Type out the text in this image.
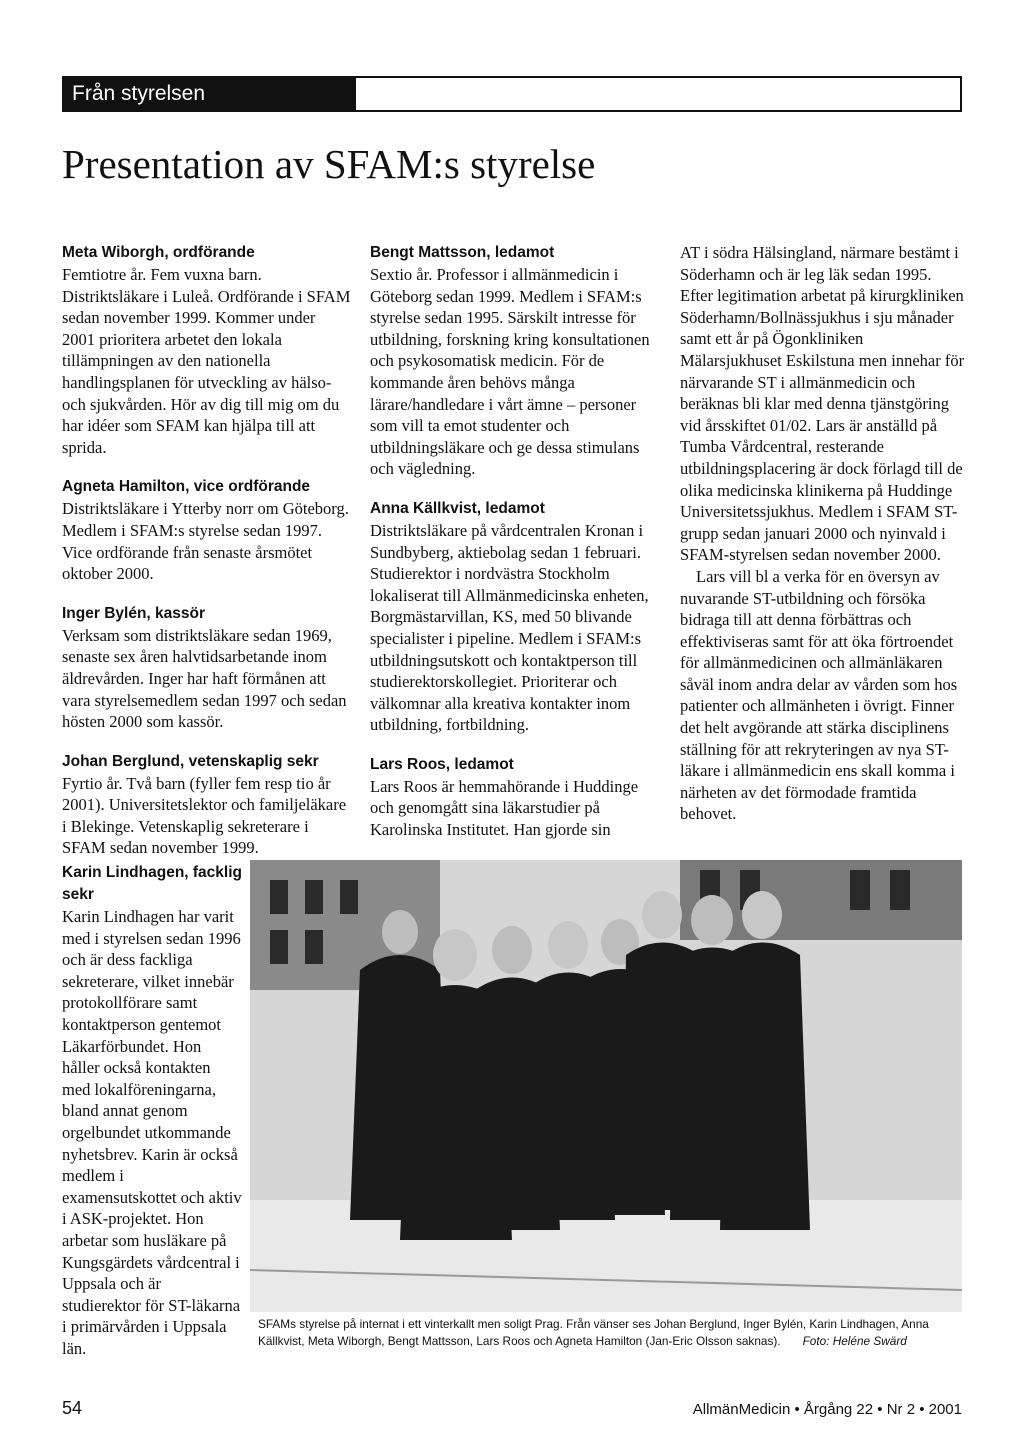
Från styrelsen
Presentation av SFAM:s styrelse
Meta Wiborgh, ordförande

Femtiotre år. Fem vuxna barn. Distriktsläkare i Luleå. Ordförande i SFAM sedan november 1999. Kommer under 2001 prioritera arbetet den lokala tillämpningen av den nationella handlingsplanen för utveckling av hälso- och sjukvården. Hör av dig till mig om du har idéer som SFAM kan hjälpa till att sprida.

Agneta Hamilton, vice ordförande

Distriktsläkare i Ytterby norr om Göteborg. Medlem i SFAM:s styrelse sedan 1997. Vice ordförande från senaste årsmötet oktober 2000.

Inger Bylén, kassör

Verksam som distriktsläkare sedan 1969, senaste sex åren halvtidsarbetande inom äldrevården. Inger har haft förmånen att vara styrelsemedlem sedan 1997 och sedan hösten 2000 som kassör.

Johan Berglund, vetenskaplig sekr

Fyrtio år. Två barn (fyller fem resp tio år 2001). Universitetslektor och familjeläkare i Blekinge. Vetenskaplig sekreterare i SFAM sedan november 1999.

Karin Lindhagen, facklig sekr

Karin Lindhagen har varit med i styrelsen sedan 1996 och är dess fackliga sekreterare, vilket innebär protokollförare samt kontaktperson gentemot Läkarförbundet. Hon håller också kontakten med lokalföreningarna, bland annat genom orgelbundet utkommande nyhetsbrev. Karin är också medlem i examensutskottet och aktiv i ASK-projektet. Hon arbetar som husläkare på Kungsgärdets vårdcentral i Uppsala och är studierektor för ST-läkarna i primärvården i Uppsala län.

Bengt Mattsson, ledamot

Sextio år. Professor i allmänmedicin i Göteborg sedan 1999. Medlem i SFAM:s styrelse sedan 1995. Särskilt intresse för utbildning, forskning kring konsultationen och psykosomatisk medicin. För de kommande åren behövs många lärare/handledare i vårt ämne – personer som vill ta emot studenter och utbildningsläkare och ge dessa stimulans och vägledning.

Anna Källkvist, ledamot

Distriktsläkare på vårdcentralen Kronan i Sundbyberg, aktiebolag sedan 1 februari. Studierektor i nordvästra Stockholm lokaliserat till Allmänmedicinska enheten, Borgmästarvillan, KS, med 50 blivande specialister i pipeline. Medlem i SFAM:s utbildningsutskott och kontaktperson till studierektorskollegiet. Prioriterar och välkomnar alla kreativa kontakter inom utbildning, fortbildning.

Lars Roos, ledamot

Lars Roos är hemmahörande i Huddinge och genomgått sina läkarstudier på Karolinska Institutet. Han gjorde sin

AT i södra Hälsingland, närmare bestämt i Söderhamn och är leg läk sedan 1995. Efter legitimation arbetat på kirurgkliniken Söderhamn/Bollnässjukhus i sju månader samt ett år på Ögonkliniken Mälarsjukhuset Eskilstuna men innehar för närvarande ST i allmänmedicin och beräknas bli klar med denna tjänstgöring vid årsskiftet 01/02. Lars är anställd på Tumba Vårdcentral, resterande utbildningsplacering är dock förlagd till de olika medicinska klinikerna på Huddinge Universitetssjukhus. Medlem i SFAM ST-grupp sedan januari 2000 och nyinvald i SFAM-styrelsen sedan november 2000.

Lars vill bl a verka för en översyn av nuvarande ST-utbildning och försöka bidraga till att denna förbättras och effektiviseras samt för att öka förtroendet för allmänmedicinen och allmänläkaren såväl inom andra delar av vården som hos patienter och allmänheten i övrigt. Finner det helt avgörande att stärka disciplinens ställning för att rekryteringen av nya ST-läkare i allmänmedicin ens skall komma i närheten av det förmodade framtida behovet.

SFAMs styrelse på internat i ett vinterkallt men soligt Prag. Från vänser ses Johan Berglund, Inger Bylén, Karin Lindhagen, Anna Källkvist, Meta Wiborgh, Bengt Mattsson, Lars Roos och Agneta Hamilton (Jan-Eric Olsson saknas). Foto: Heléne Swärd
54	AllmänMedicin • Årgång 22 • Nr 2 • 2001
